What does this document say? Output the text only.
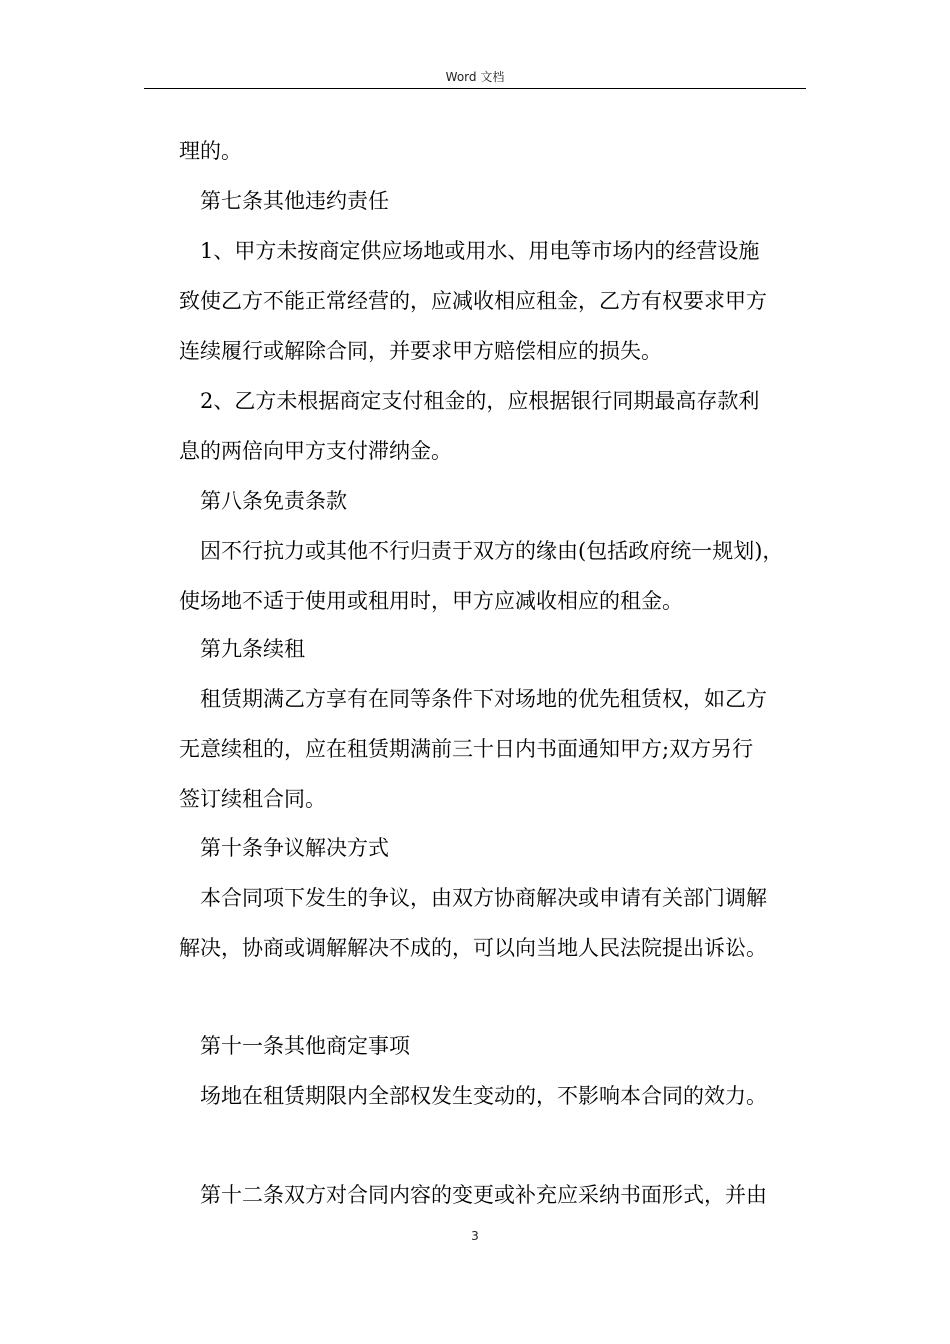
Word 文档
理的。
第七条其他违约责任
1、甲方未按商定供应场地或用水、用电等市场内的经营设施
致使乙方不能正常经营的，应减收相应租金，乙方有权要求甲方
连续履行或解除合同，并要求甲方赔偿相应的损失。
2、乙方未根据商定支付租金的，应根据银行同期最高存款利
息的两倍向甲方支付滞纳金。
第八条免责条款
因不行抗力或其他不行归责于双方的缘由(包括政府统一规划)，
使场地不适于使用或租用时，甲方应减收相应的租金。
第九条续租
租赁期满乙方享有在同等条件下对场地的优先租赁权，如乙方
无意续租的，应在租赁期满前三十日内书面通知甲方;双方另行
签订续租合同。
第十条争议解决方式
本合同项下发生的争议，由双方协商解决或申请有关部门调解
解决，协商或调解解决不成的，可以向当地人民法院提出诉讼。
第十一条其他商定事项
场地在租赁期限内全部权发生变动的，不影响本合同的效力。
第十二条双方对合同内容的变更或补充应采纳书面形式，并由
3
